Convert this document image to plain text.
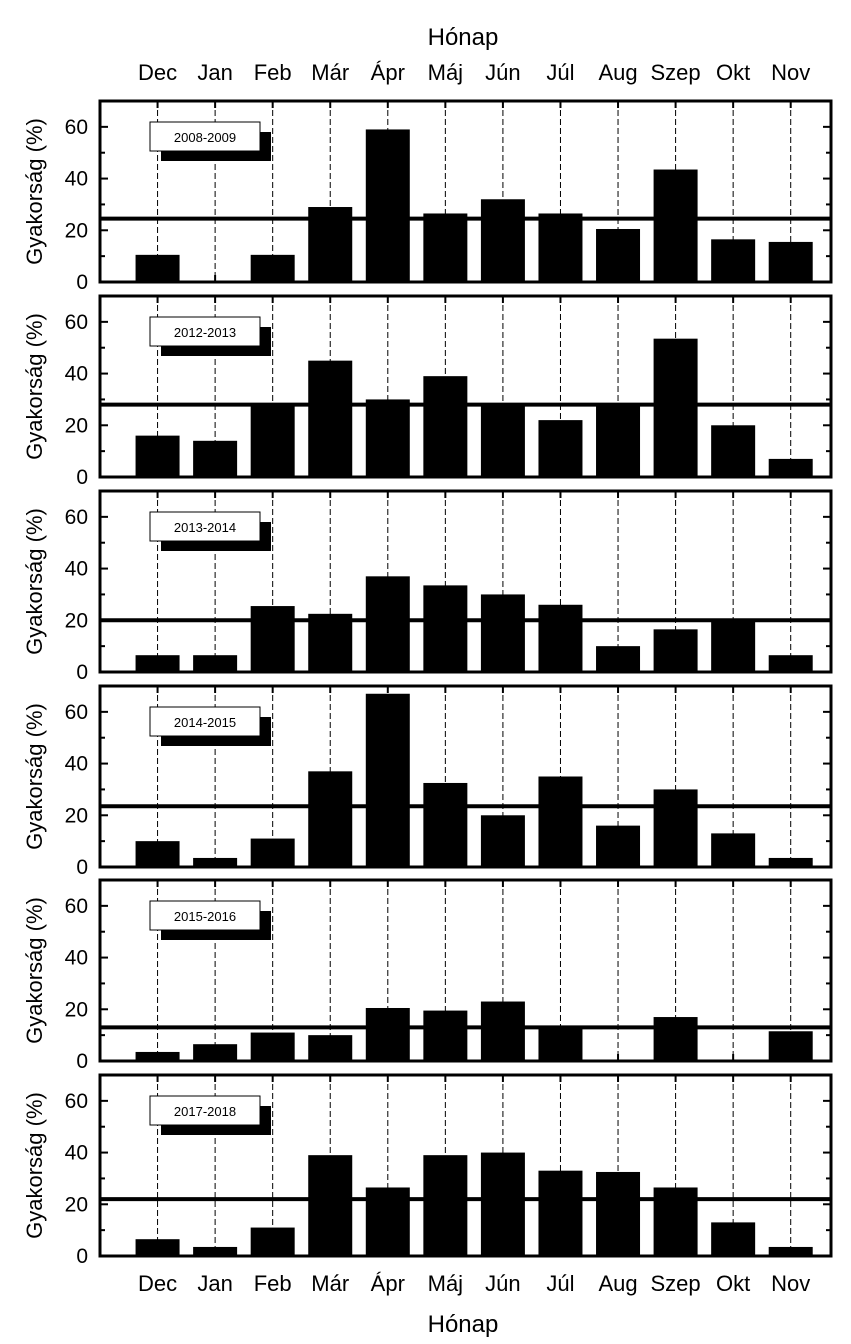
Hónap
Dec Jan Feb Már Ápr Máj Jún Júl Aug Szep Okt Nov
2008-2009
0
20
40
60
Gyakorság (%)
2012-2013
0
20
40
60
Gyakorság (%)
2013-2014
0
20
40
60
Gyakorság (%)
2014-2015
0
20
40
60
Gyakorság (%)
2015-2016
0
20
40
60
Gyakorság (%)
2017-2018
0
20
40
60
Gyakorság (%)
Dec Jan Feb Már Ápr Máj Jún Júl Aug Szep Okt Nov
Hónap
